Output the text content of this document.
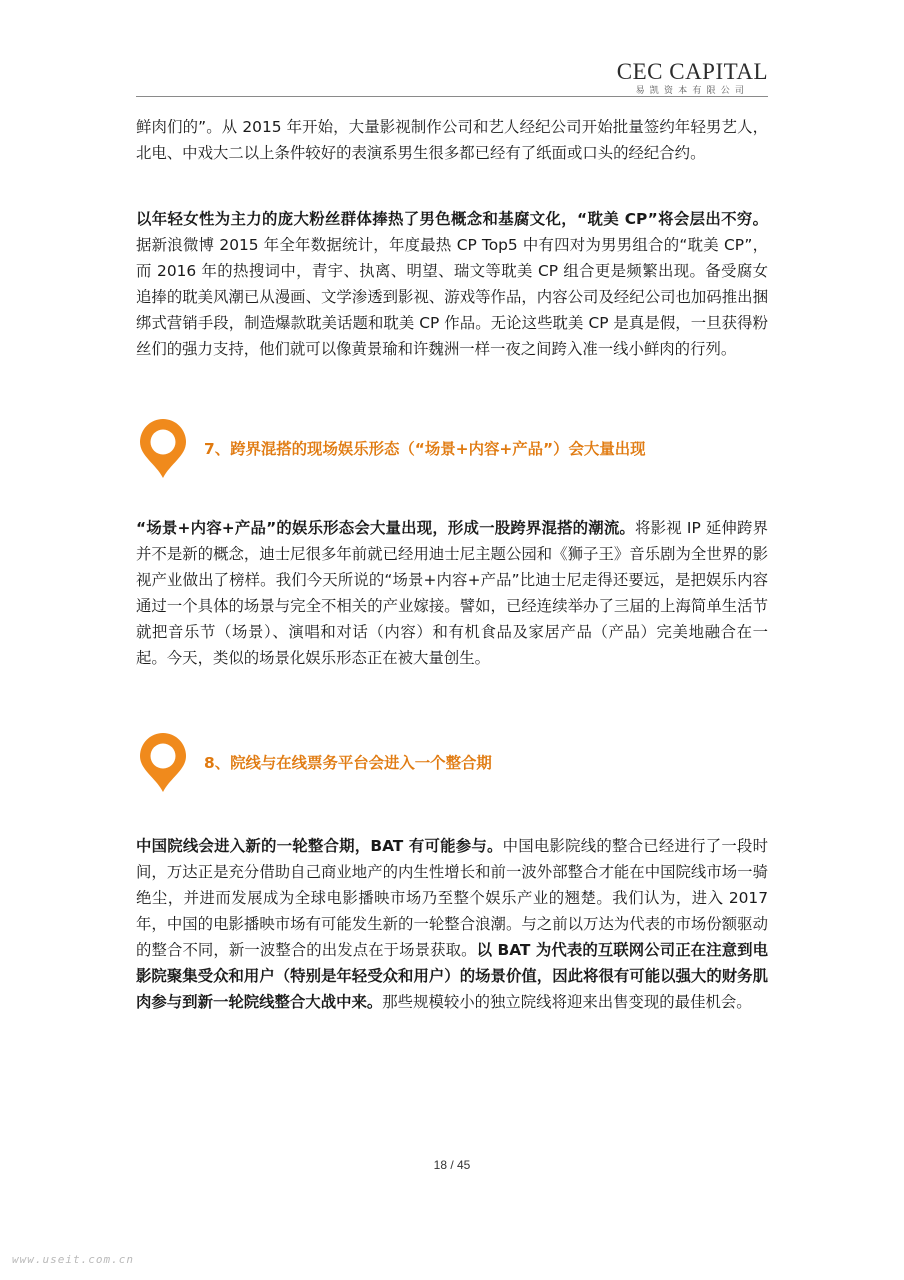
CEC CAPITAL
易凯资本有限公司

鲜肉们的”。从 2015 年开始，大量影视制作公司和艺人经纪公司开始批量签约年轻男艺人，北电、中戏大二以上条件较好的表演系男生很多都已经有了纸面或口头的经纪合约。

以年轻女性为主力的庞大粉丝群体捧热了男色概念和基腐文化，“耽美 CP”将会层出不穷。据新浪微博 2015 年全年数据统计，年度最热 CP Top5 中有四对为男男组合的“耽美 CP”，而 2016 年的热搜词中，青宇、执离、明望、瑞文等耽美 CP 组合更是频繁出现。备受腐女追捧的耽美风潮已从漫画、文学渗透到影视、游戏等作品，内容公司及经纪公司也加码推出捆绑式营销手段，制造爆款耽美话题和耽美 CP 作品。无论这些耽美 CP 是真是假，一旦获得粉丝们的强力支持，他们就可以像黄景瑜和许魏洲一样一夜之间跨入准一线小鲜肉的行列。

7、跨界混搭的现场娱乐形态（“场景+内容+产品”）会大量出现

“场景+内容+产品”的娱乐形态会大量出现，形成一股跨界混搭的潮流。将影视 IP 延伸跨界并不是新的概念，迪士尼很多年前就已经用迪士尼主题公园和《狮子王》音乐剧为全世界的影视产业做出了榜样。我们今天所说的“场景+内容+产品”比迪士尼走得还要远，是把娱乐内容通过一个具体的场景与完全不相关的产业嫁接。譬如，已经连续举办了三届的上海简单生活节就把音乐节（场景）、演唱和对话（内容）和有机食品及家居产品（产品）完美地融合在一起。今天，类似的场景化娱乐形态正在被大量创生。

8、院线与在线票务平台会进入一个整合期

中国院线会进入新的一轮整合期，BAT 有可能参与。中国电影院线的整合已经进行了一段时间，万达正是充分借助自己商业地产的内生性增长和前一波外部整合才能在中国院线市场一骑绝尘，并进而发展成为全球电影播映市场乃至整个娱乐产业的翘楚。我们认为，进入 2017 年，中国的电影播映市场有可能发生新的一轮整合浪潮。与之前以万达为代表的市场份额驱动的整合不同，新一波整合的出发点在于场景获取。以 BAT 为代表的互联网公司正在注意到电影院聚集受众和用户（特别是年轻受众和用户）的场景价值，因此将很有可能以强大的财务肌肉参与到新一轮院线整合大战中来。那些规模较小的独立院线将迎来出售变现的最佳机会。

18 / 45
www.useit.com.cn
